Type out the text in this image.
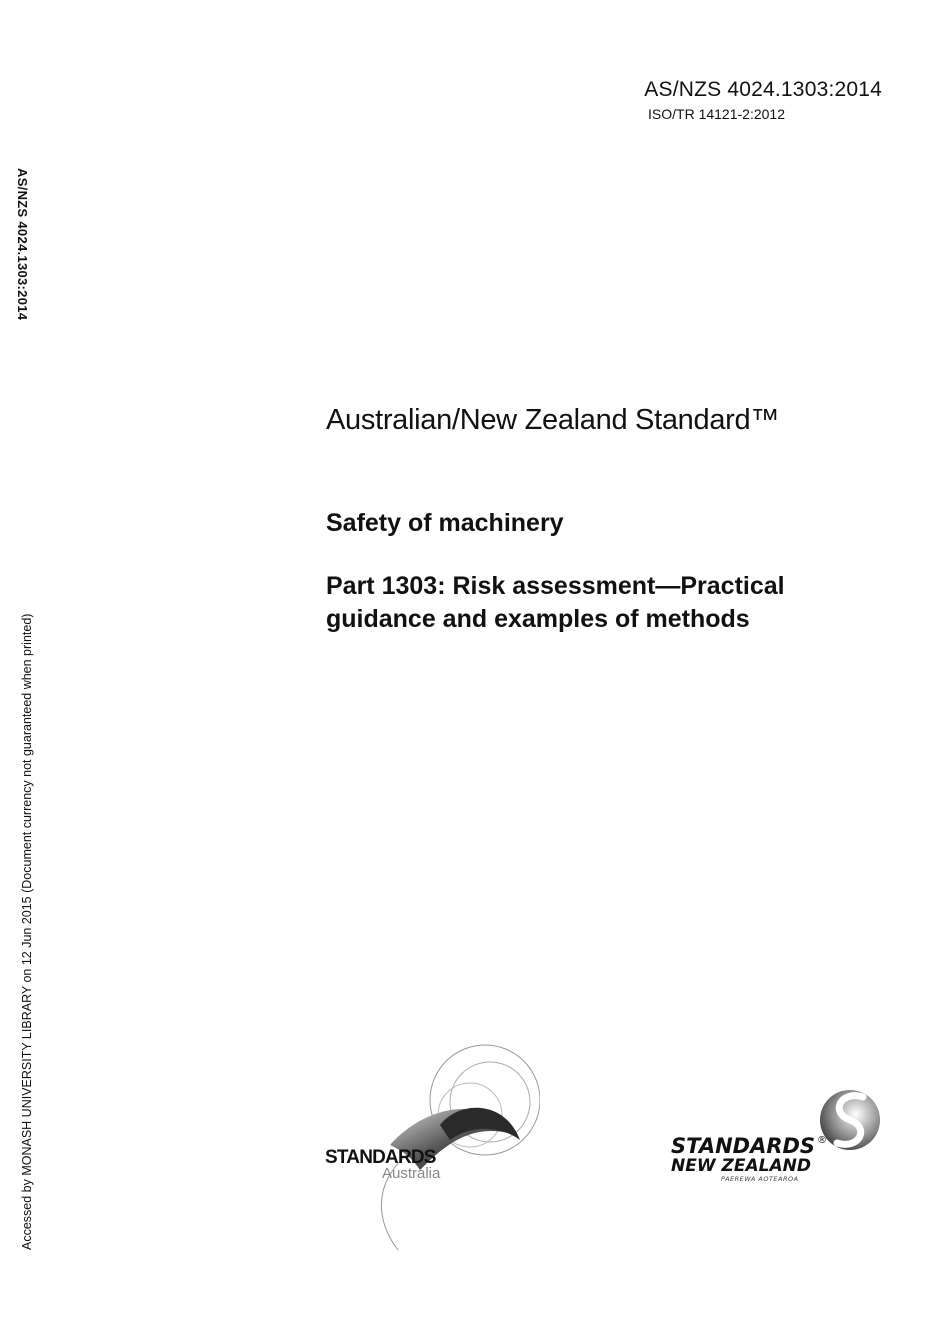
AS/NZS 4024.1303:2014
ISO/TR 14121-2:2012
AS/NZS 4024.1303:2014
Accessed by MONASH UNIVERSITY LIBRARY on 12 Jun 2015 (Document currency not guaranteed when printed)
Australian/New Zealand Standard™
Safety of machinery
Part 1303: Risk assessment—Practical
guidance and examples of methods
STANDARDS
Australia
STANDARDS ®
NEW ZEALAND
PAEREWA AOTEAROA
